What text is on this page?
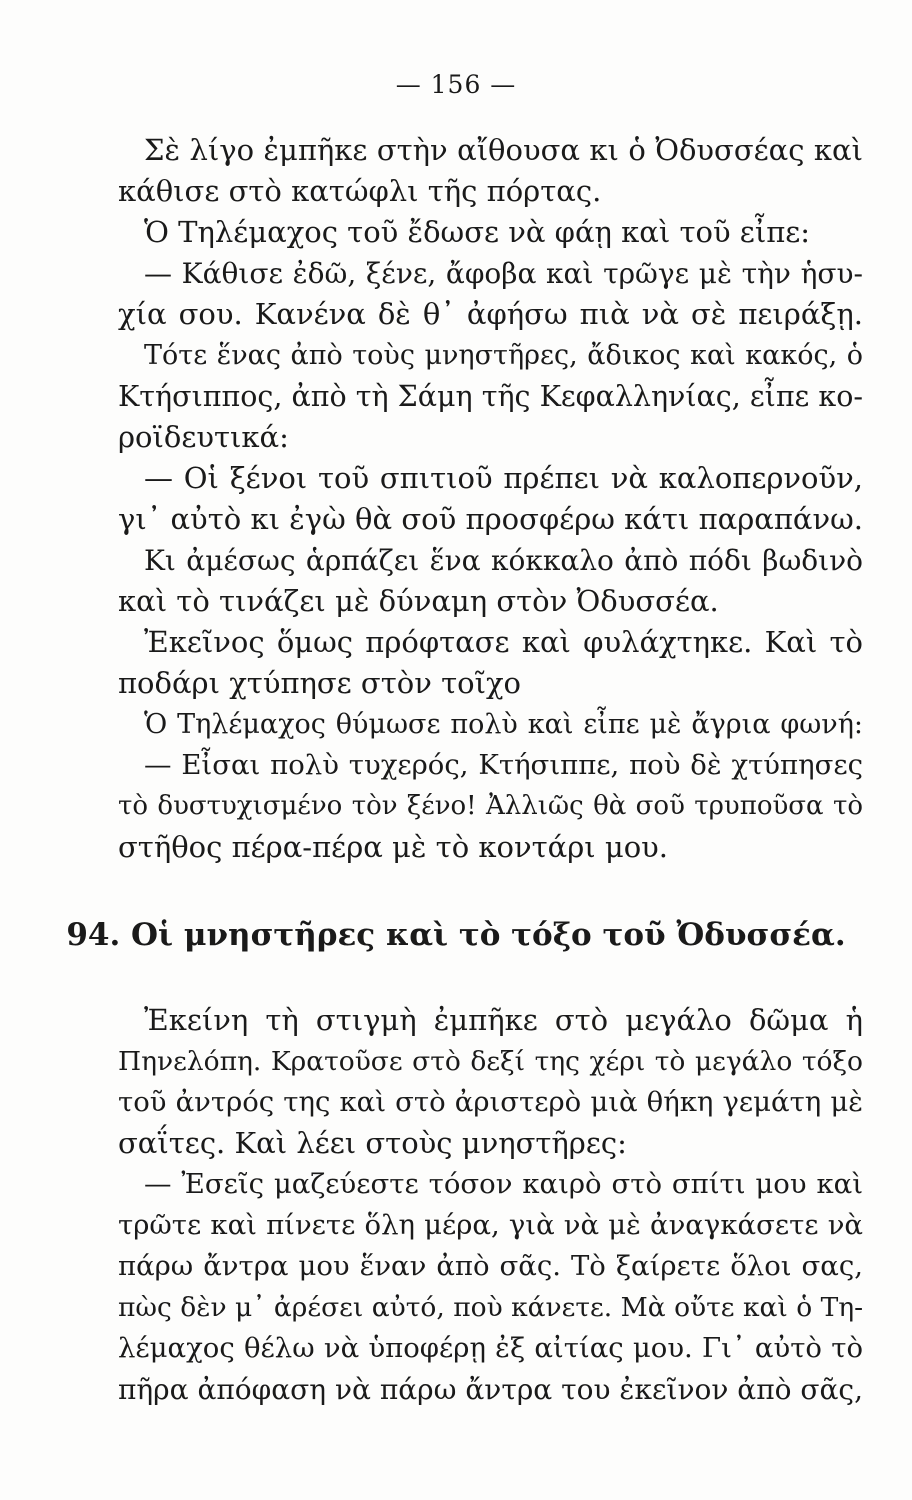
— 156 —
Σὲ λίγο ἐμπῆκε στὴν αἴθουσα κι ὁ Ὀδυσσέας καὶ
κάθισε στὸ κατώφλι τῆς πόρτας.
Ὁ Τηλέμαχος τοῦ ἔδωσε νὰ φάῃ καὶ τοῦ εἶπε:
— Κάθισε ἐδῶ, ξένε, ἄφοβα καὶ τρῶγε μὲ τὴν ἡσυ-
χία σου. Κανένα δὲ θ᾽ ἀφήσω πιὰ νὰ σὲ πειράξῃ.
Τότε ἕνας ἀπὸ τοὺς μνηστῆρες, ἄδικος καὶ κακός, ὁ
Κτήσιππος, ἀπὸ τὴ Σάμη τῆς Κεφαλληνίας, εἶπε κο-
ροϊδευτικά:
— Οἱ ξένοι τοῦ σπιτιοῦ πρέπει νὰ καλοπερνοῦν,
γι᾽ αὐτὸ κι ἐγὼ θὰ σοῦ προσφέρω κάτι παραπάνω.
Κι ἀμέσως ἁρπάζει ἕνα κόκκαλο ἀπὸ πόδι βωδινὸ
καὶ τὸ τινάζει μὲ δύναμη στὸν Ὀδυσσέα.
Ἐκεῖνος ὅμως πρόφτασε καὶ φυλάχτηκε. Καὶ τὸ
ποδάρι χτύπησε στὸν τοῖχο
Ὁ Τηλέμαχος θύμωσε πολὺ καὶ εἶπε μὲ ἄγρια φωνή:
— Εἶσαι πολὺ τυχερός, Κτήσιππε, ποὺ δὲ χτύπησες
τὸ δυστυχισμένο τὸν ξένο! Ἀλλιῶς θὰ σοῦ τρυποῦσα τὸ
στῆθος πέρα-πέρα μὲ τὸ κοντάρι μου.
94. Οἱ μνηστῆρες καὶ τὸ τόξο τοῦ Ὀδυσσέα.
Ἐκείνη τὴ στιγμὴ ἐμπῆκε στὸ μεγάλο δῶμα ἡ
Πηνελόπη. Κρατοῦσε στὸ δεξί της χέρι τὸ μεγάλο τόξο
τοῦ ἀντρός της καὶ στὸ ἀριστερὸ μιὰ θήκη γεμάτη μὲ
σαΐτες. Καὶ λέει στοὺς μνηστῆρες:
— Ἐσεῖς μαζεύεστε τόσον καιρὸ στὸ σπίτι μου καὶ
τρῶτε καὶ πίνετε ὅλη μέρα, γιὰ νὰ μὲ ἀναγκάσετε νὰ
πάρω ἄντρα μου ἕναν ἀπὸ σᾶς. Τὸ ξαίρετε ὅλοι σας,
πὼς δὲν μ᾽ ἀρέσει αὐτό, ποὺ κάνετε. Μὰ οὔτε καὶ ὁ Τη-
λέμαχος θέλω νὰ ὑποφέρῃ ἐξ αἰτίας μου. Γι᾽ αὐτὸ τὸ
πῆρα ἀπόφαση νὰ πάρω ἄντρα του ἐκεῖνον ἀπὸ σᾶς,
